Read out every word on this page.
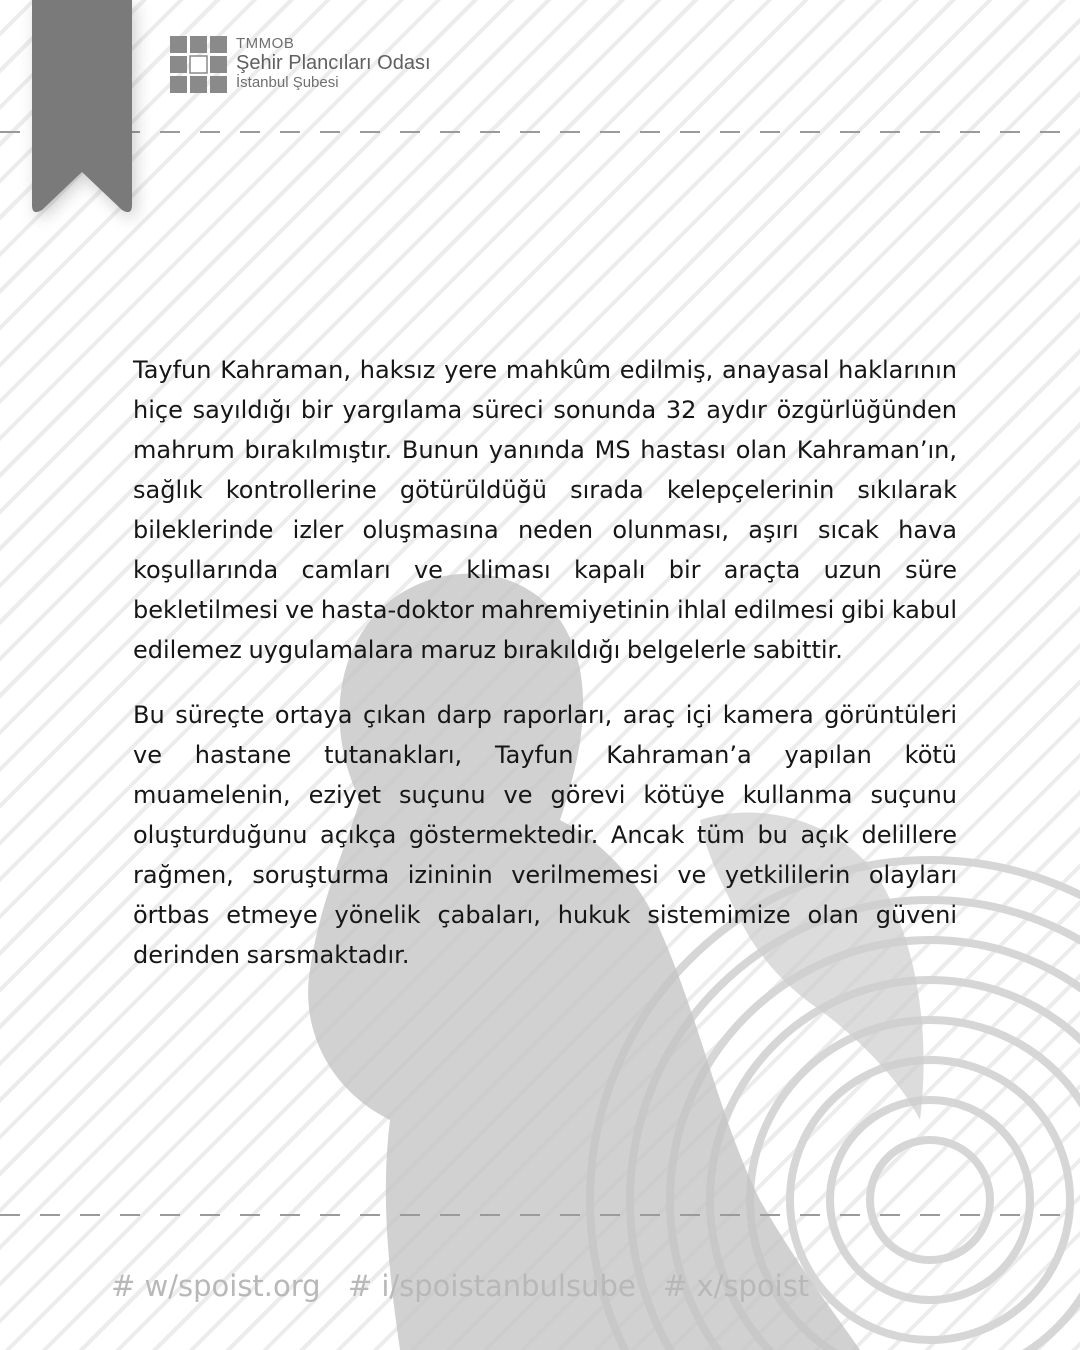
TMMOB
Şehir Plancıları Odası
İstanbul Şubesi

Tayfun Kahraman, haksız yere mahkûm edilmiş, anayasal haklarının hiçe sayıldığı bir yargılama süreci sonunda 32 aydır özgürlüğünden mahrum bırakılmıştır. Bunun yanında MS hastası olan Kahraman’ın, sağlık kontrollerine götürüldüğü sırada kelepçelerinin sıkılarak bileklerinde izler oluşmasına neden olunması, aşırı sıcak hava koşullarında camları ve kliması kapalı bir araçta uzun süre bekletilmesi ve hasta-doktor mahremiyetinin ihlal edilmesi gibi kabul edilemez uygulamalara maruz bırakıldığı belgelerle sabittir.

Bu süreçte ortaya çıkan darp raporları, araç içi kamera görüntüleri ve hastane tutanakları, Tayfun Kahraman’a yapılan kötü muamelenin, eziyet suçunu ve görevi kötüye kullanma suçunu oluşturduğunu açıkça göstermektedir. Ancak tüm bu açık delillere rağmen, soruşturma izininin verilmemesi ve yetkililerin olayları örtbas etmeye yönelik çabaları, hukuk sistemimize olan güveni derinden sarsmaktadır.

# w/spoist.org # i/spoistanbulsube # x/spoist
